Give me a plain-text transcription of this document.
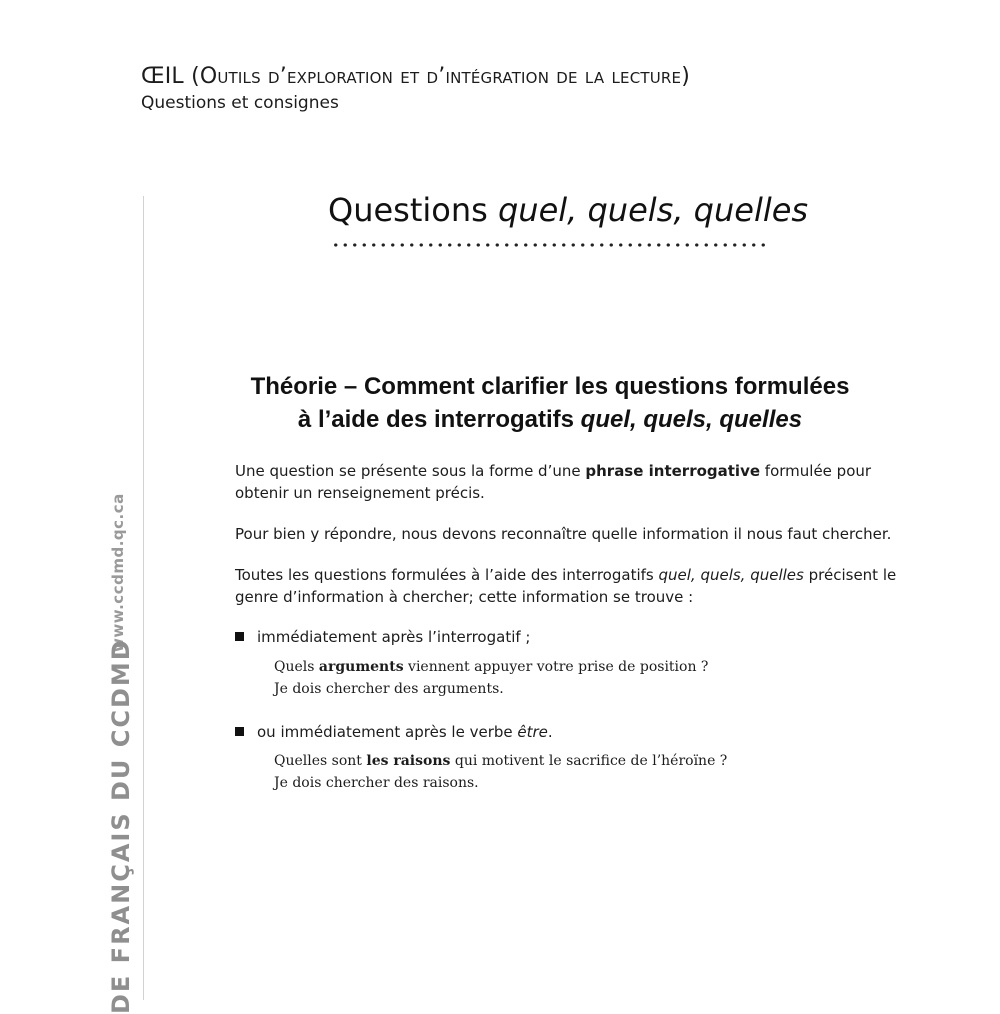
ŒIL (Outils d’exploration et d’intégration de la lecture)
Questions et consignes
Questions quel, quels, quelles
www.ccdmd.qc.ca
DE FRANÇAIS DU CCDMD
Théorie – Comment clarifier les questions formulées
à l’aide des interrogatifs quel, quels, quelles
Une question se présente sous la forme d’une phrase interrogative formulée pour obtenir un renseignement précis.
Pour bien y répondre, nous devons reconnaître quelle information il nous faut chercher.
Toutes les questions formulées à l’aide des interrogatifs quel, quels, quelles précisent le genre d’information à chercher; cette information se trouve :
immédiatement après l’interrogatif ;
Quels arguments viennent appuyer votre prise de position ?
Je dois chercher des arguments.
ou immédiatement après le verbe être.
Quelles sont les raisons qui motivent le sacrifice de l’héroïne ?
Je dois chercher des raisons.
